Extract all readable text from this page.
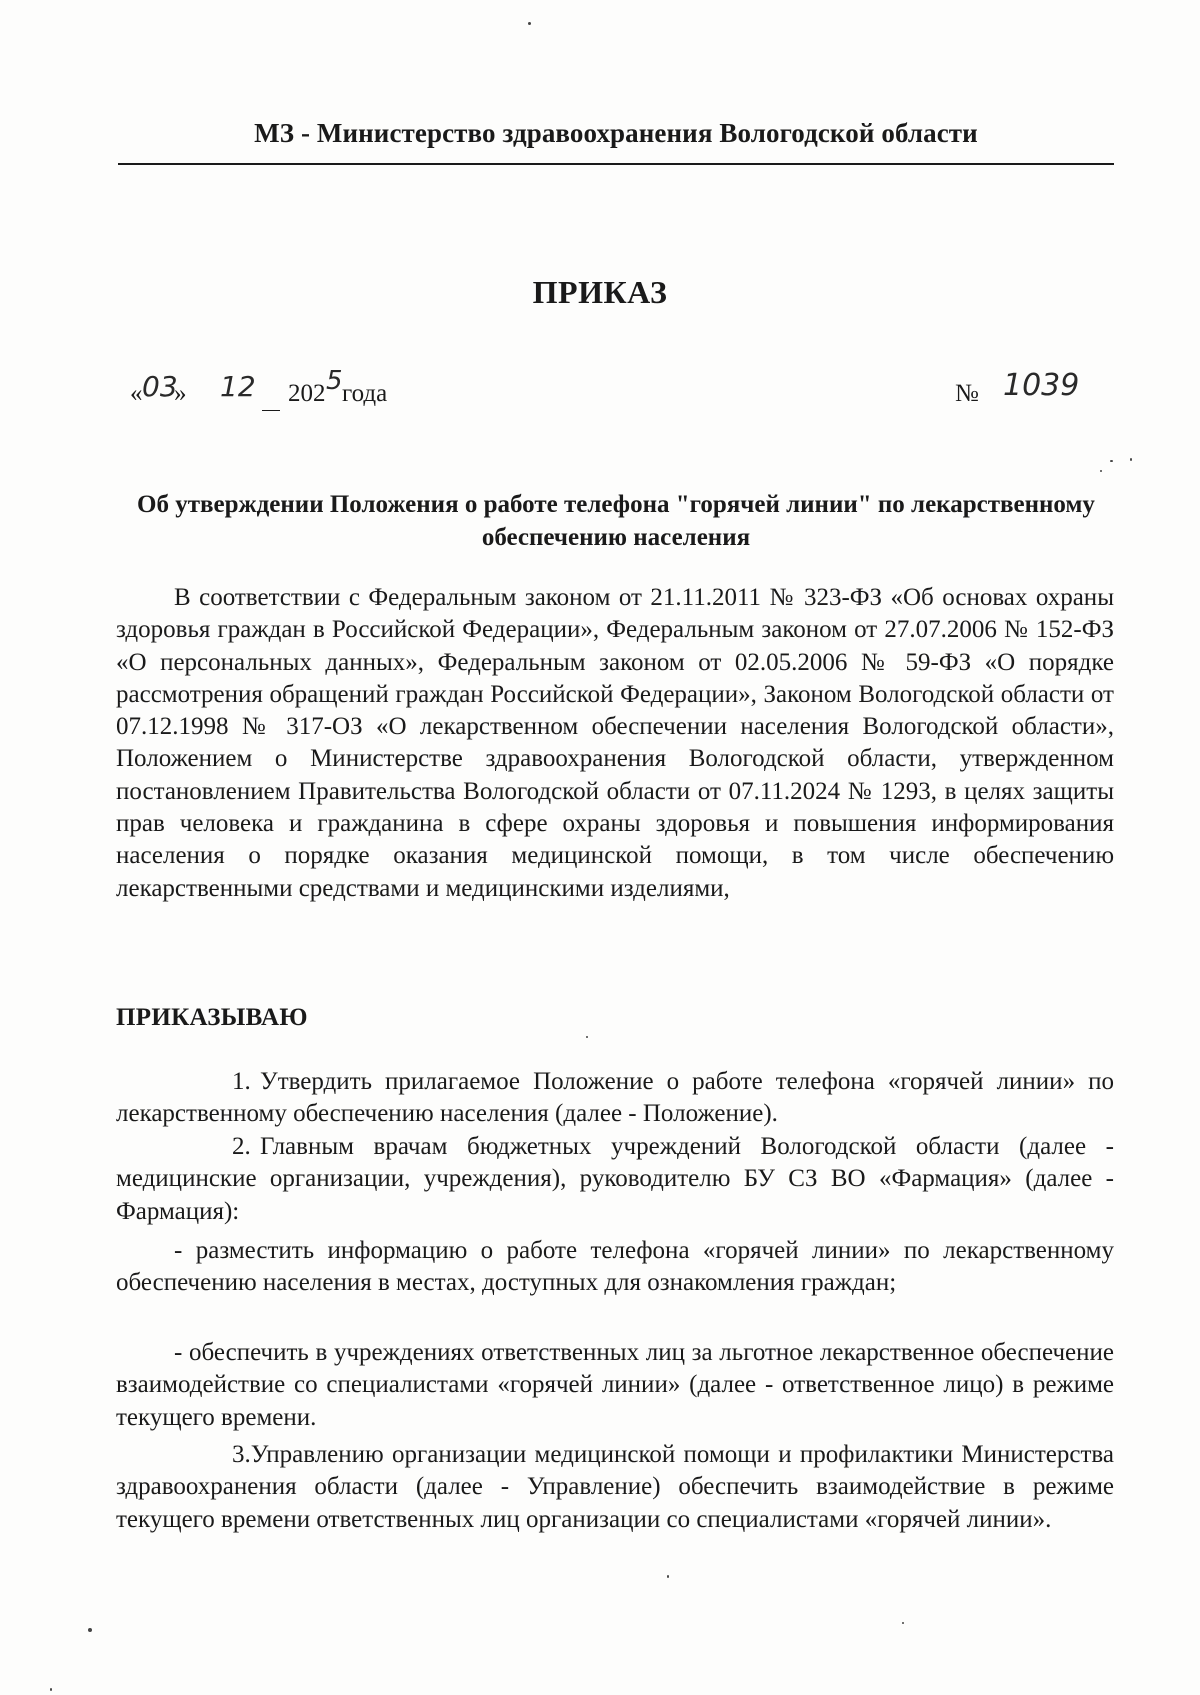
МЗ - Министерство здравоохранения Вологодской области
ПРИКАЗ
« 03
» 12 202 5 года	№ 1039
Об утверждении Положения о работе телефона "горячей линии" по лекарственному обеспечению населения

В соответствии с Федеральным законом от 21.11.2011 № 323-ФЗ «Об основах охраны здоровья граждан в Российской Федерации», Федеральным законом от 27.07.2006 № 152-ФЗ «О персональных данных», Федеральным законом от 02.05.2006 № 59-ФЗ «О порядке рассмотрения обращений граждан Российской Федерации», Законом Вологодской области от 07.12.1998 № 317-ОЗ «О лекарственном обеспечении населения Вологодской области», Положением о Министерстве здравоохранения Вологодской области, утвержденном постановлением Правительства Вологодской области от 07.11.2024 № 1293, в целях защиты прав человека и гражданина в сфере охраны здоровья и повышения информирования населения о порядке оказания медицинской помощи, в том числе обеспечению лекарственными средствами и медицинскими изделиями,

ПРИКАЗЫВАЮ

1. Утвердить прилагаемое Положение о работе телефона «горячей линии» по лекарственному обеспечению населения (далее - Положение).

2. Главным врачам бюджетных учреждений Вологодской области (далее - медицинские организации, учреждения), руководителю БУ СЗ ВО «Фармация» (далее - Фармация):

- разместить информацию о работе телефона «горячей линии» по лекарственному обеспечению населения в местах, доступных для ознакомления граждан;

- обеспечить в учреждениях ответственных лиц за льготное лекарственное обеспечение взаимодействие со специалистами «горячей линии» (далее - ответственное лицо) в режиме текущего времени.

3.Управлению организации медицинской помощи и профилактики Министерства здравоохранения области (далее - Управление) обеспечить взаимодействие в режиме текущего времени ответственных лиц организации со специалистами «горячей линии».
